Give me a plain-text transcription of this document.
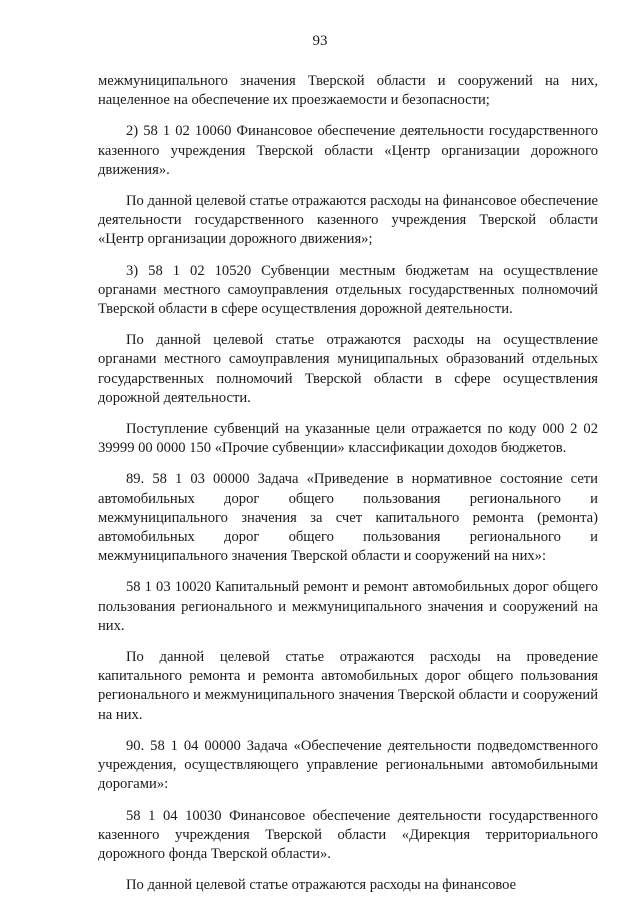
93

межмуниципального значения Тверской области и сооружений на них, нацеленное на обеспечение их проезжаемости и безопасности;

2) 58 1 02 10060 Финансовое обеспечение деятельности государственного казенного учреждения Тверской области «Центр организации дорожного движения».

По данной целевой статье отражаются расходы на финансовое обеспечение деятельности государственного казенного учреждения Тверской области «Центр организации дорожного движения»;

3) 58 1 02 10520 Субвенции местным бюджетам на осуществление органами местного самоуправления отдельных государственных полномочий Тверской области в сфере осуществления дорожной деятельности.

По данной целевой статье отражаются расходы на осуществление органами местного самоуправления муниципальных образований отдельных государственных полномочий Тверской области в сфере осуществления дорожной деятельности.

Поступление субвенций на указанные цели отражается по коду 000 2 02 39999 00 0000 150 «Прочие субвенции» классификации доходов бюджетов.

89. 58 1 03 00000 Задача «Приведение в нормативное состояние сети автомобильных дорог общего пользования регионального и межмуниципального значения за счет капитального ремонта (ремонта) автомобильных дорог общего пользования регионального и межмуниципального значения Тверской области и сооружений на них»:

58 1 03 10020 Капитальный ремонт и ремонт автомобильных дорог общего пользования регионального и межмуниципального значения и сооружений на них.

По данной целевой статье отражаются расходы на проведение капитального ремонта и ремонта автомобильных дорог общего пользования регионального и межмуниципального значения Тверской области и сооружений на них.

90. 58 1 04 00000 Задача «Обеспечение деятельности подведомственного учреждения, осуществляющего управление региональными автомобильными дорогами»:

58 1 04 10030 Финансовое обеспечение деятельности государственного казенного учреждения Тверской области «Дирекция территориального дорожного фонда Тверской области».

По данной целевой статье отражаются расходы на финансовое
